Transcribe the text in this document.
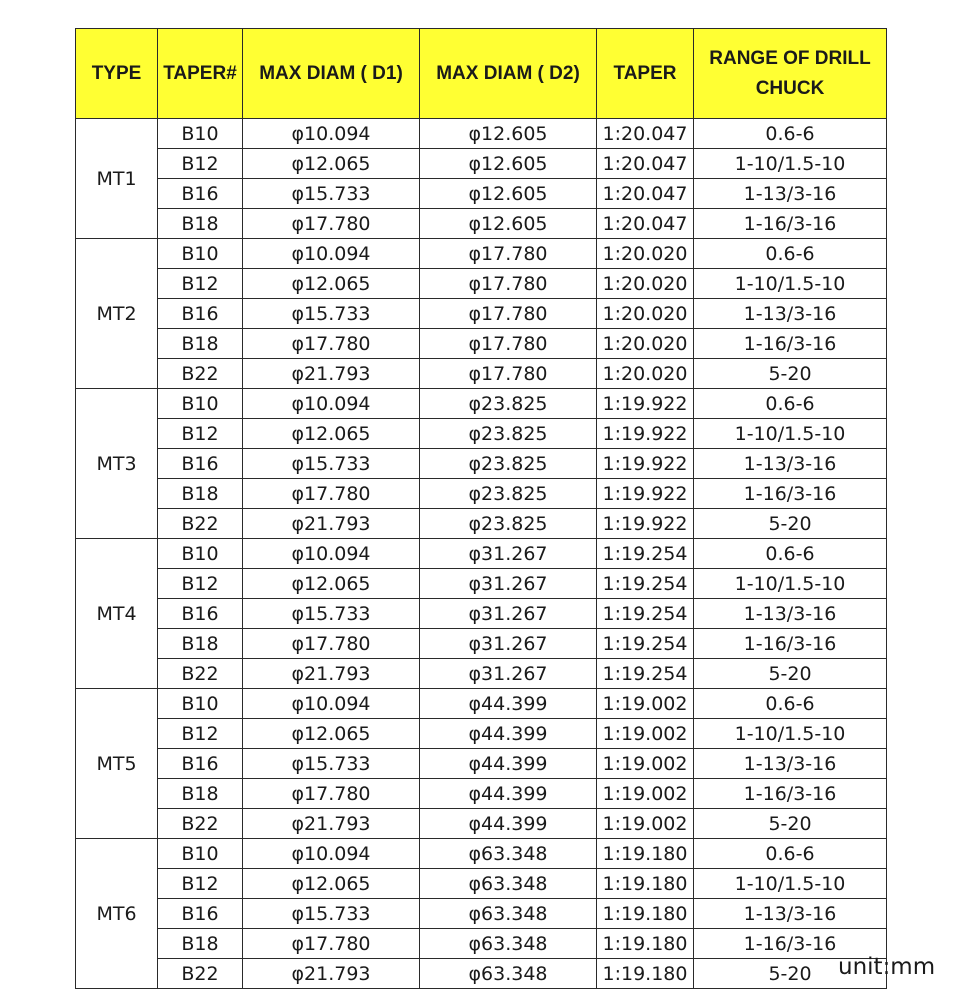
TYPE	TAPER#	MAX DIAM ( D1)	MAX DIAM ( D2)	TAPER	RANGE OF DRILL CHUCK
MT1	B10	φ10.094	φ12.605	1:20.047	0.6-6
	B12	φ12.065	φ12.605	1:20.047	1-10/1.5-10
	B16	φ15.733	φ12.605	1:20.047	1-13/3-16
	B18	φ17.780	φ12.605	1:20.047	1-16/3-16
MT2	B10	φ10.094	φ17.780	1:20.020	0.6-6
	B12	φ12.065	φ17.780	1:20.020	1-10/1.5-10
	B16	φ15.733	φ17.780	1:20.020	1-13/3-16
	B18	φ17.780	φ17.780	1:20.020	1-16/3-16
	B22	φ21.793	φ17.780	1:20.020	5-20
MT3	B10	φ10.094	φ23.825	1:19.922	0.6-6
	B12	φ12.065	φ23.825	1:19.922	1-10/1.5-10
	B16	φ15.733	φ23.825	1:19.922	1-13/3-16
	B18	φ17.780	φ23.825	1:19.922	1-16/3-16
	B22	φ21.793	φ23.825	1:19.922	5-20
MT4	B10	φ10.094	φ31.267	1:19.254	0.6-6
	B12	φ12.065	φ31.267	1:19.254	1-10/1.5-10
	B16	φ15.733	φ31.267	1:19.254	1-13/3-16
	B18	φ17.780	φ31.267	1:19.254	1-16/3-16
	B22	φ21.793	φ31.267	1:19.254	5-20
MT5	B10	φ10.094	φ44.399	1:19.002	0.6-6
	B12	φ12.065	φ44.399	1:19.002	1-10/1.5-10
	B16	φ15.733	φ44.399	1:19.002	1-13/3-16
	B18	φ17.780	φ44.399	1:19.002	1-16/3-16
	B22	φ21.793	φ44.399	1:19.002	5-20
MT6	B10	φ10.094	φ63.348	1:19.180	0.6-6
	B12	φ12.065	φ63.348	1:19.180	1-10/1.5-10
	B16	φ15.733	φ63.348	1:19.180	1-13/3-16
	B18	φ17.780	φ63.348	1:19.180	1-16/3-16
	B22	φ21.793	φ63.348	1:19.180	5-20 unit:mm
